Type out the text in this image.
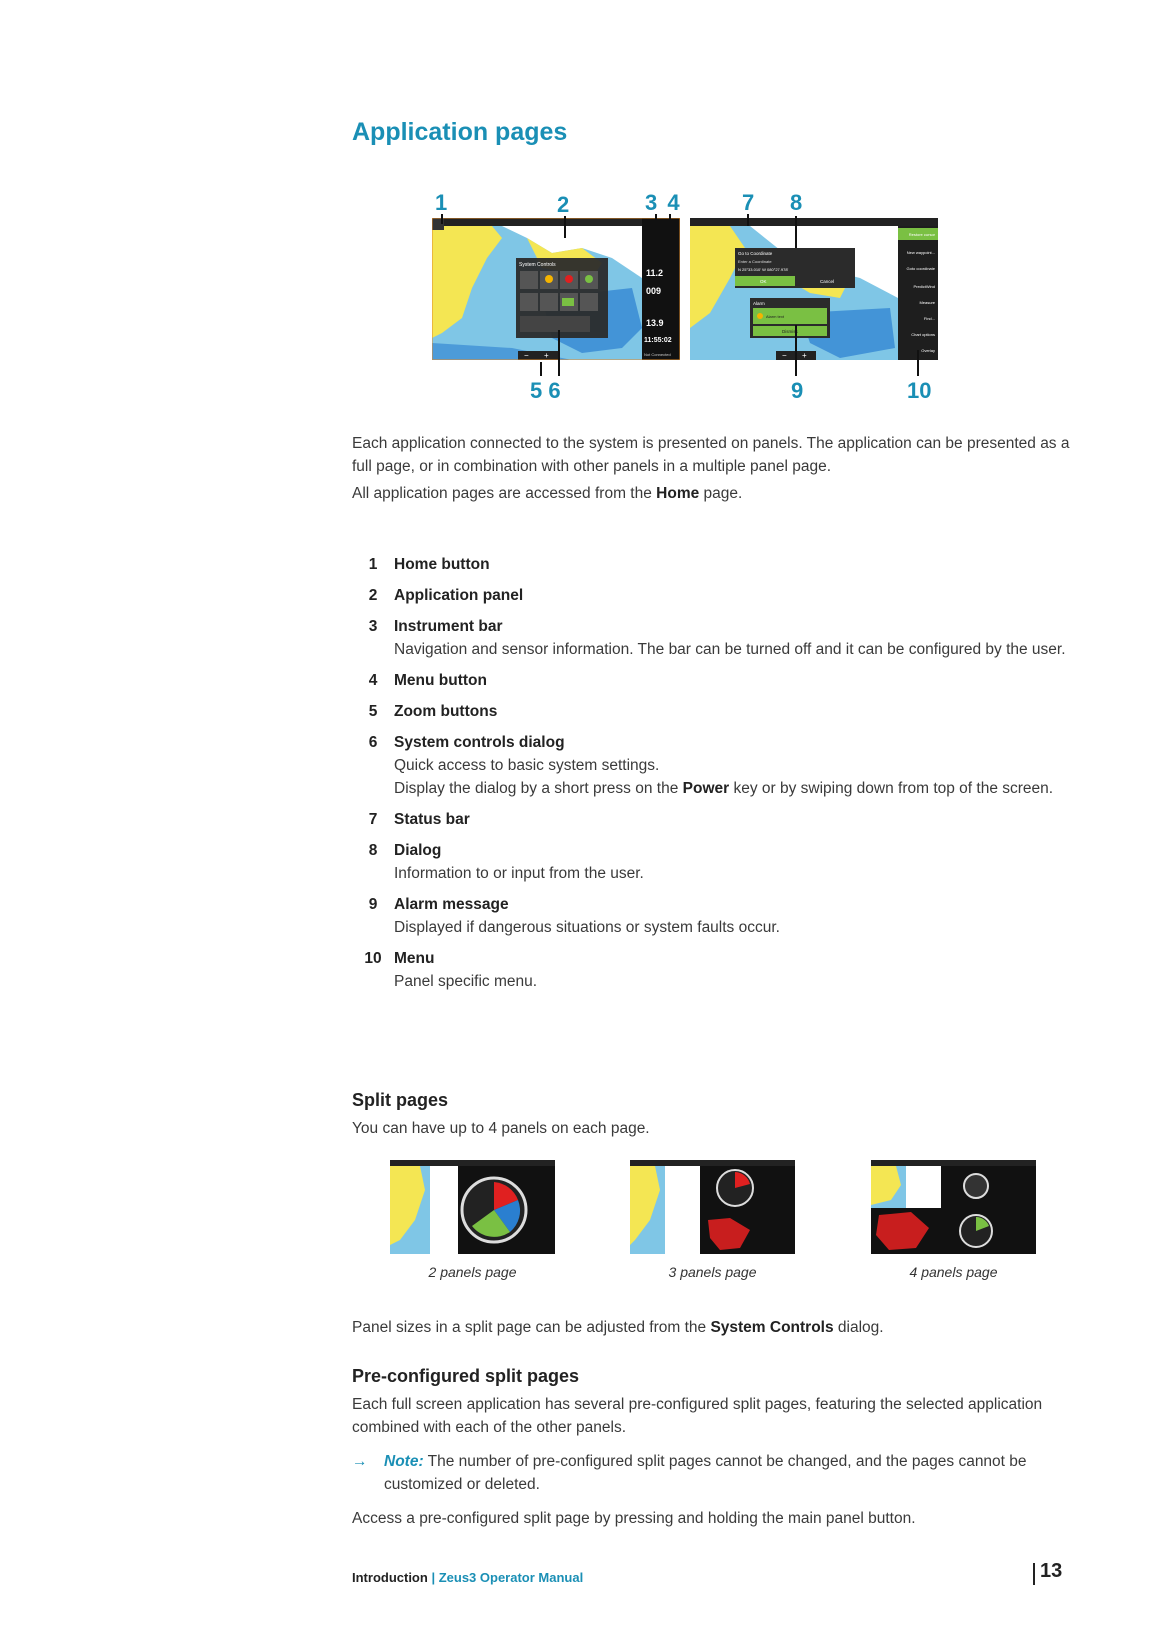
Application pages
1	2	3 4	7 8
5 6	9	10
11.2
009
13.9
11:55:02
Not Connected
System Controls
− +
Go to Coordinate
Enter a Coordinate
N 25°33.010' W 080°27.978'
OK	Cancel
Alarm
Alarm text
Dismiss
Restore cursor
New waypoint...
Goto coordinate
PredictWind
Measure
Find...
Chart options
Overlay
− +
Each application connected to the system is presented on panels. The application can be presented as a full page, or in combination with other panels in a multiple panel page.
All application pages are accessed from the Home page.
1	Home button
2	Application panel
3	Instrument bar
Navigation and sensor information. The bar can be turned off and it can be configured by the user.
4	Menu button
5	Zoom buttons
6	System controls dialog
Quick access to basic system settings.
Display the dialog by a short press on the Power key or by swiping down from top of the screen.
7	Status bar
8	Dialog
Information to or input from the user.
9	Alarm message
Displayed if dangerous situations or system faults occur.
10 Menu
Panel specific menu.
Split pages
You can have up to 4 panels on each page.
2 panels page	3 panels page	4 panels page
Panel sizes in a split page can be adjusted from the System Controls dialog.
Pre-configured split pages
Each full screen application has several pre-configured split pages, featuring the selected application combined with each of the other panels.
→ Note: The number of pre-configured split pages cannot be changed, and the pages cannot be customized or deleted.
Access a pre-configured split page by pressing and holding the main panel button.
Introduction | Zeus3 Operator Manual	13
